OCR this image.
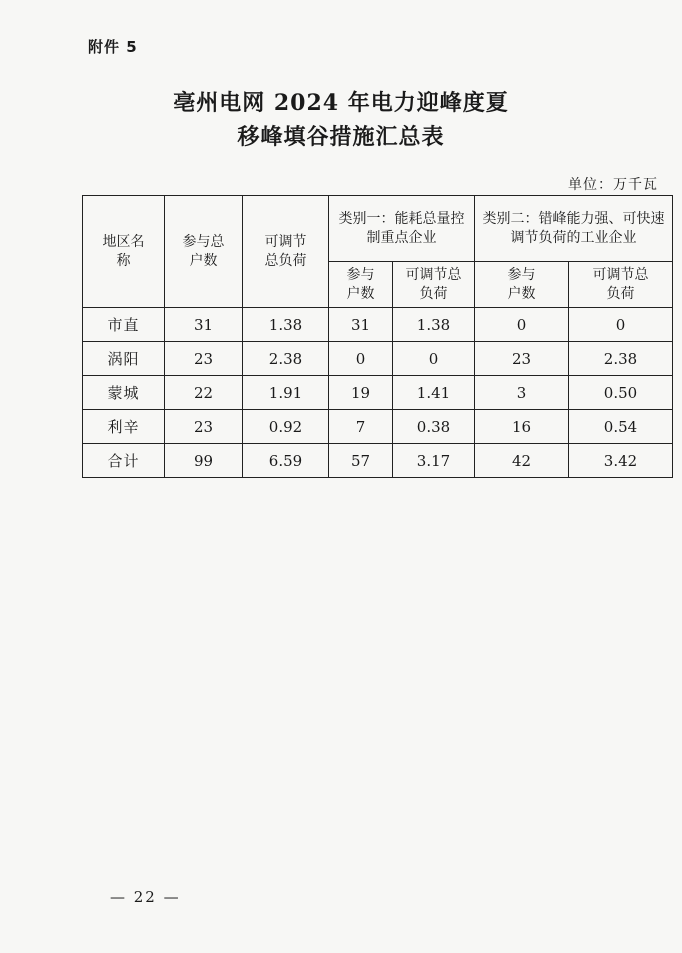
附件 5
亳州电网 2024 年电力迎峰度夏
移峰填谷措施汇总表
单位：万千瓦
地区名称	参与总户数	可调节总负荷	类别一：能耗总量控制重点企业		类别二：错峰能力强、可快速调节负荷的工业企业	
			参与户数	可调节总负荷	参与户数	可调节总负荷
市直	31	1.38	31	1.38	0	0
涡阳	23	2.38	0	0	23	2.38
蒙城	22	1.91	19	1.41	3	0.50
利辛	23	0.92	7	0.38	16	0.54
合计	99	6.59	57	3.17	42	3.42
— 22 —
